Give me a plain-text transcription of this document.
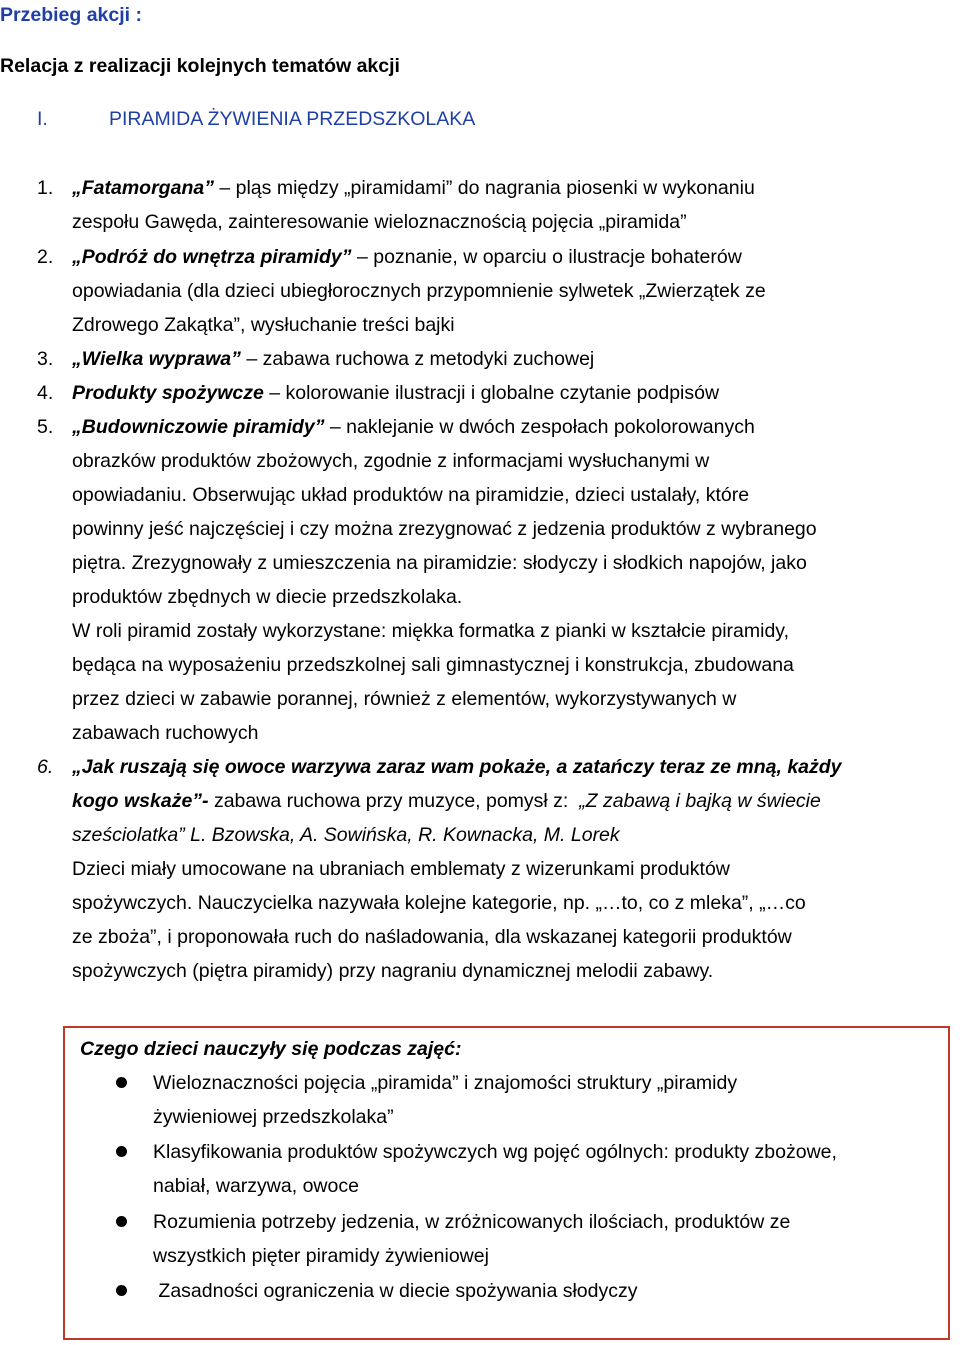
Przebieg akcji :
Relacja z realizacji kolejnych tematów akcji
I.	PIRAMIDA ŻYWIENIA PRZEDSZKOLAKA
1. „Fatamorgana” – pląs między „piramidami” do nagrania piosenki w wykonaniu
zespołu Gawęda, zainteresowanie wieloznacznością pojęcia „piramida”
2. „Podróż do wnętrza piramidy” – poznanie, w oparciu o ilustracje bohaterów
opowiadania (dla dzieci ubiegłorocznych przypomnienie sylwetek „Zwierzątek ze
Zdrowego Zakątka”, wysłuchanie treści bajki
3. „Wielka wyprawa” – zabawa ruchowa z metodyki zuchowej
4. Produkty spożywcze – kolorowanie ilustracji i globalne czytanie podpisów
5. „Budowniczowie piramidy” – naklejanie w dwóch zespołach pokolorowanych
obrazków produktów zbożowych, zgodnie z informacjami wysłuchanymi w
opowiadaniu. Obserwując układ produktów na piramidzie, dzieci ustalały, które
powinny jeść najczęściej i czy można zrezygnować z jedzenia produktów z wybranego
piętra. Zrezygnowały z umieszczenia na piramidzie: słodyczy i słodkich napojów, jako
produktów zbędnych w diecie przedszkolaka.
W roli piramid zostały wykorzystane: miękka formatka z pianki w kształcie piramidy,
będąca na wyposażeniu przedszkolnej sali gimnastycznej i konstrukcja, zbudowana
przez dzieci w zabawie porannej, również z elementów, wykorzystywanych w
zabawach ruchowych
6. „Jak ruszają się owoce warzywa zaraz wam pokaże, a zatańczy teraz ze mną, każdy
kogo wskaże”- zabawa ruchowa przy muzyce, pomysł z:  „Z zabawą i bajką w świecie
sześciolatka” L. Bzowska, A. Sowińska, R. Kownacka, M. Lorek
Dzieci miały umocowane na ubraniach emblematy z wizerunkami produktów
spożywczych. Nauczycielka nazywała kolejne kategorie, np. „…to, co z mleka”, „…co
ze zboża”, i proponowała ruch do naśladowania, dla wskazanej kategorii produktów
spożywczych (piętra piramidy) przy nagraniu dynamicznej melodii zabawy.
Czego dzieci nauczyły się podczas zajęć:
Wieloznaczności pojęcia „piramida” i znajomości struktury „piramidy
żywieniowej przedszkolaka”
Klasyfikowania produktów spożywczych wg pojęć ogólnych: produkty zbożowe,
nabiał, warzywa, owoce
Rozumienia potrzeby jedzenia, w zróżnicowanych ilościach, produktów ze
wszystkich pięter piramidy żywieniowej
Zasadności ograniczenia w diecie spożywania słodyczy
